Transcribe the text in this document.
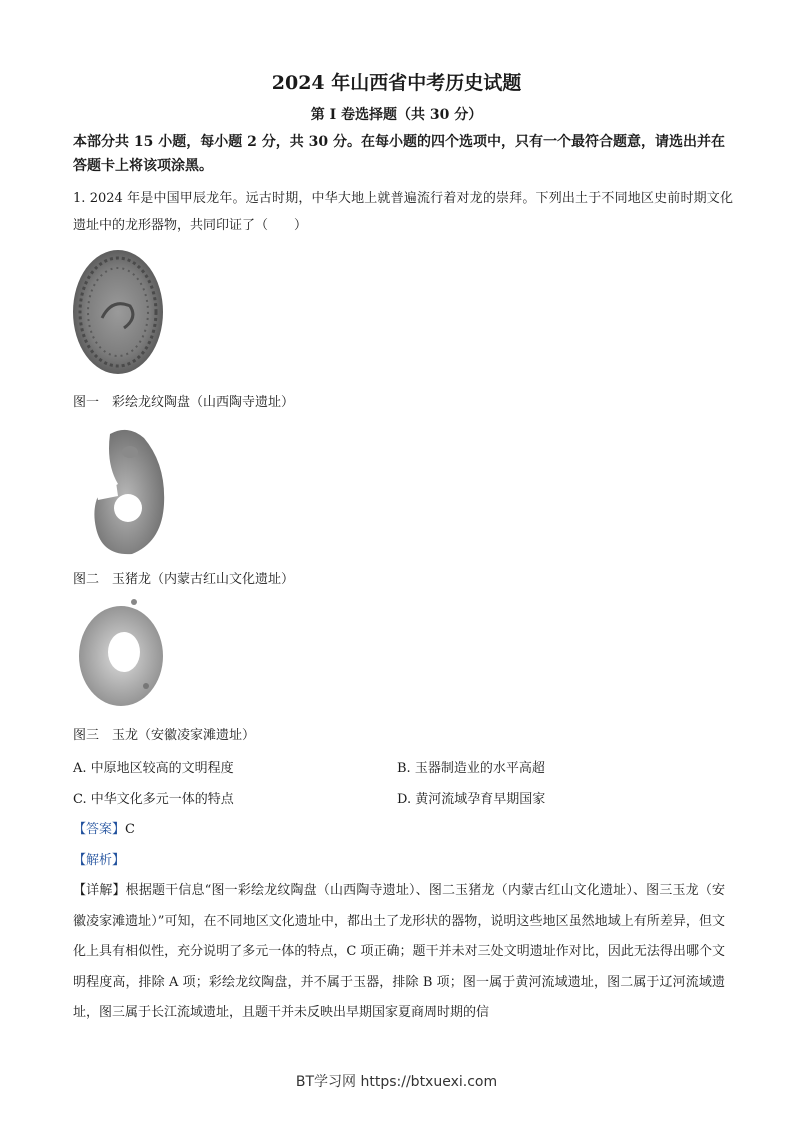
2024 年山西省中考历史试题
第 I 卷选择题（共 30 分）
本部分共 15 小题，每小题 2 分，共 30 分。在每小题的四个选项中，只有一个最符合题意，请选出并在答题卡上将该项涂黑。
1. 2024 年是中国甲辰龙年。远古时期，中华大地上就普遍流行着对龙的崇拜。下列出土于不同地区史前时期文化遗址中的龙形器物，共同印证了（　　）
图一　彩绘龙纹陶盘（山西陶寺遗址）
图二　玉猪龙（内蒙古红山文化遗址）
图三　玉龙（安徽凌家滩遗址）
A. 中原地区较高的文明程度	B. 玉器制造业的水平高超
C. 中华文化多元一体的特点	D. 黄河流域孕育早期国家
【答案】C
【解析】
【详解】根据题干信息“图一彩绘龙纹陶盘（山西陶寺遗址）、图二玉猪龙（内蒙古红山文化遗址）、图三玉龙（安徽凌家滩遗址）”可知，在不同地区文化遗址中，都出土了龙形状的器物，说明这些地区虽然地域上有所差异，但文化上具有相似性，充分说明了多元一体的特点，C 项正确；题干并未对三处文明遗址作对比，因此无法得出哪个文明程度高，排除 A 项；彩绘龙纹陶盘，并不属于玉器，排除 B 项；图一属于黄河流域遗址，图二属于辽河流域遗址，图三属于长江流域遗址，且题干并未反映出早期国家夏商周时期的信
BT学习网 https://btxuexi.com
